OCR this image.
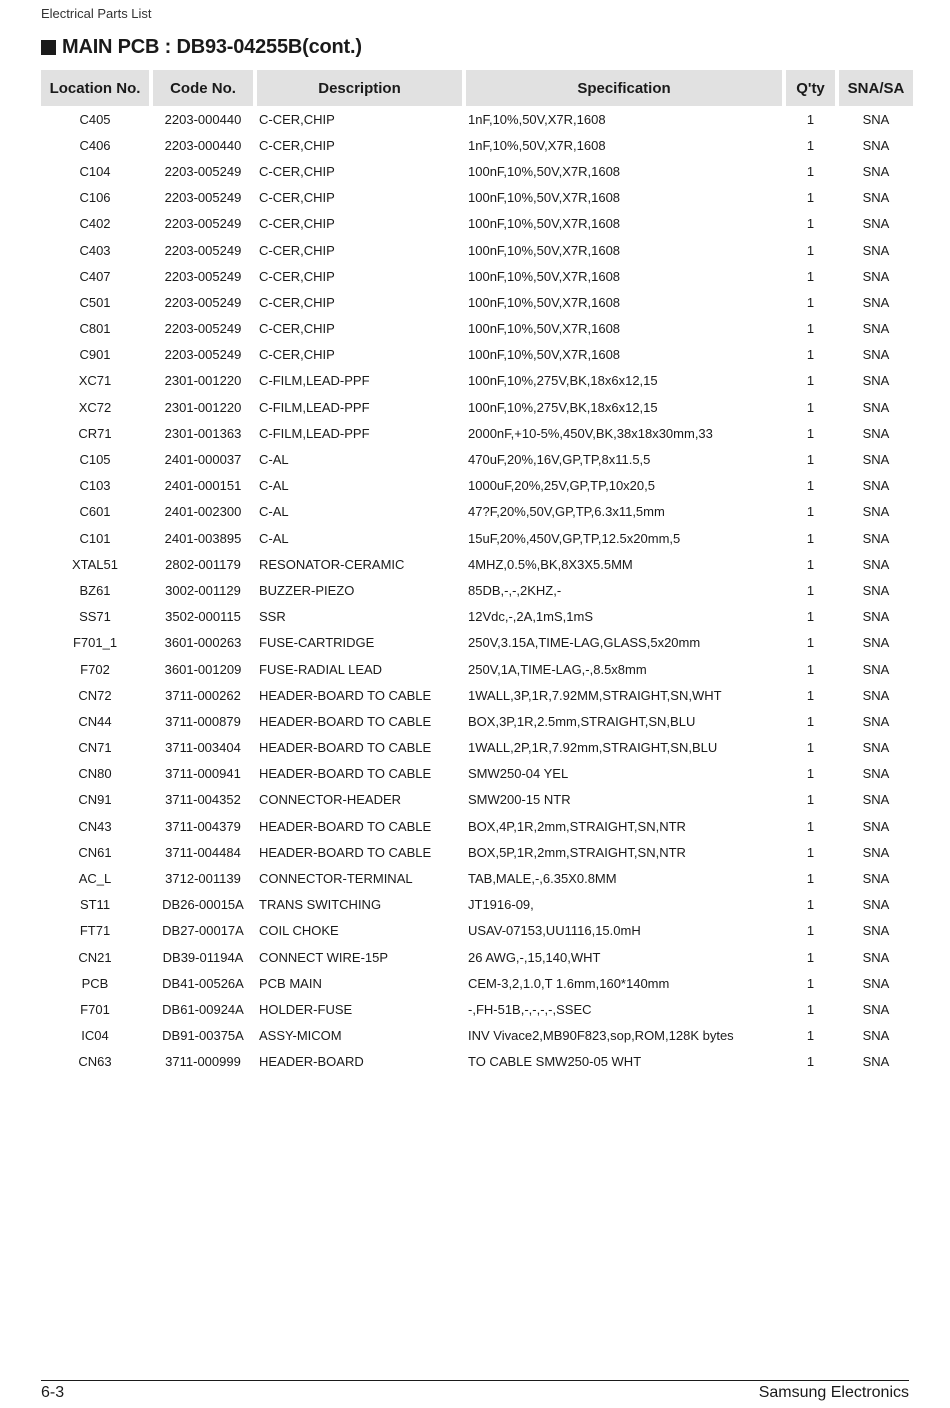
Electrical Parts List
MAIN PCB : DB93-04255B(cont.)
Location No.	Code No.	Description	Specification	Q'ty	SNA/SA
C405	2203-000440	C-CER,CHIP	1nF,10%,50V,X7R,1608	1	SNA
C406	2203-000440	C-CER,CHIP	1nF,10%,50V,X7R,1608	1	SNA
C104	2203-005249	C-CER,CHIP	100nF,10%,50V,X7R,1608	1	SNA
C106	2203-005249	C-CER,CHIP	100nF,10%,50V,X7R,1608	1	SNA
C402	2203-005249	C-CER,CHIP	100nF,10%,50V,X7R,1608	1	SNA
C403	2203-005249	C-CER,CHIP	100nF,10%,50V,X7R,1608	1	SNA
C407	2203-005249	C-CER,CHIP	100nF,10%,50V,X7R,1608	1	SNA
C501	2203-005249	C-CER,CHIP	100nF,10%,50V,X7R,1608	1	SNA
C801	2203-005249	C-CER,CHIP	100nF,10%,50V,X7R,1608	1	SNA
C901	2203-005249	C-CER,CHIP	100nF,10%,50V,X7R,1608	1	SNA
XC71	2301-001220	C-FILM,LEAD-PPF	100nF,10%,275V,BK,18x6x12,15	1	SNA
XC72	2301-001220	C-FILM,LEAD-PPF	100nF,10%,275V,BK,18x6x12,15	1	SNA
CR71	2301-001363	C-FILM,LEAD-PPF	2000nF,+10-5%,450V,BK,38x18x30mm,33	1	SNA
C105	2401-000037	C-AL	470uF,20%,16V,GP,TP,8x11.5,5	1	SNA
C103	2401-000151	C-AL	1000uF,20%,25V,GP,TP,10x20,5	1	SNA
C601	2401-002300	C-AL	47?F,20%,50V,GP,TP,6.3x11,5mm	1	SNA
C101	2401-003895	C-AL	15uF,20%,450V,GP,TP,12.5x20mm,5	1	SNA
XTAL51	2802-001179	RESONATOR-CERAMIC	4MHZ,0.5%,BK,8X3X5.5MM	1	SNA
BZ61	3002-001129	BUZZER-PIEZO	85DB,-,-,2KHZ,-	1	SNA
SS71	3502-000115	SSR	12Vdc,-,2A,1mS,1mS	1	SNA
F701_1	3601-000263	FUSE-CARTRIDGE	250V,3.15A,TIME-LAG,GLASS,5x20mm	1	SNA
F702	3601-001209	FUSE-RADIAL LEAD	250V,1A,TIME-LAG,-,8.5x8mm	1	SNA
CN72	3711-000262	HEADER-BOARD TO CABLE	1WALL,3P,1R,7.92MM,STRAIGHT,SN,WHT	1	SNA
CN44	3711-000879	HEADER-BOARD TO CABLE	BOX,3P,1R,2.5mm,STRAIGHT,SN,BLU	1	SNA
CN71	3711-003404	HEADER-BOARD TO CABLE	1WALL,2P,1R,7.92mm,STRAIGHT,SN,BLU	1	SNA
CN80	3711-000941	HEADER-BOARD TO CABLE	SMW250-04 YEL	1	SNA
CN91	3711-004352	CONNECTOR-HEADER	SMW200-15 NTR	1	SNA
CN43	3711-004379	HEADER-BOARD TO CABLE	BOX,4P,1R,2mm,STRAIGHT,SN,NTR	1	SNA
CN61	3711-004484	HEADER-BOARD TO CABLE	BOX,5P,1R,2mm,STRAIGHT,SN,NTR	1	SNA
AC_L	3712-001139	CONNECTOR-TERMINAL	TAB,MALE,-,6.35X0.8MM	1	SNA
ST11	DB26-00015A	TRANS SWITCHING	JT1916-09,	1	SNA
FT71	DB27-00017A	COIL CHOKE	USAV-07153,UU1116,15.0mH	1	SNA
CN21	DB39-01194A	CONNECT WIRE-15P	26 AWG,-,15,140,WHT	1	SNA
PCB	DB41-00526A	PCB MAIN	CEM-3,2,1.0,T 1.6mm,160*140mm	1	SNA
F701	DB61-00924A	HOLDER-FUSE	-,FH-51B,-,-,-,-,SSEC	1	SNA
IC04	DB91-00375A	ASSY-MICOM	INV Vivace2,MB90F823,sop,ROM,128K bytes	1	SNA
CN63	3711-000999	HEADER-BOARD	TO CABLE SMW250-05 WHT	1	SNA
6-3	Samsung Electronics
